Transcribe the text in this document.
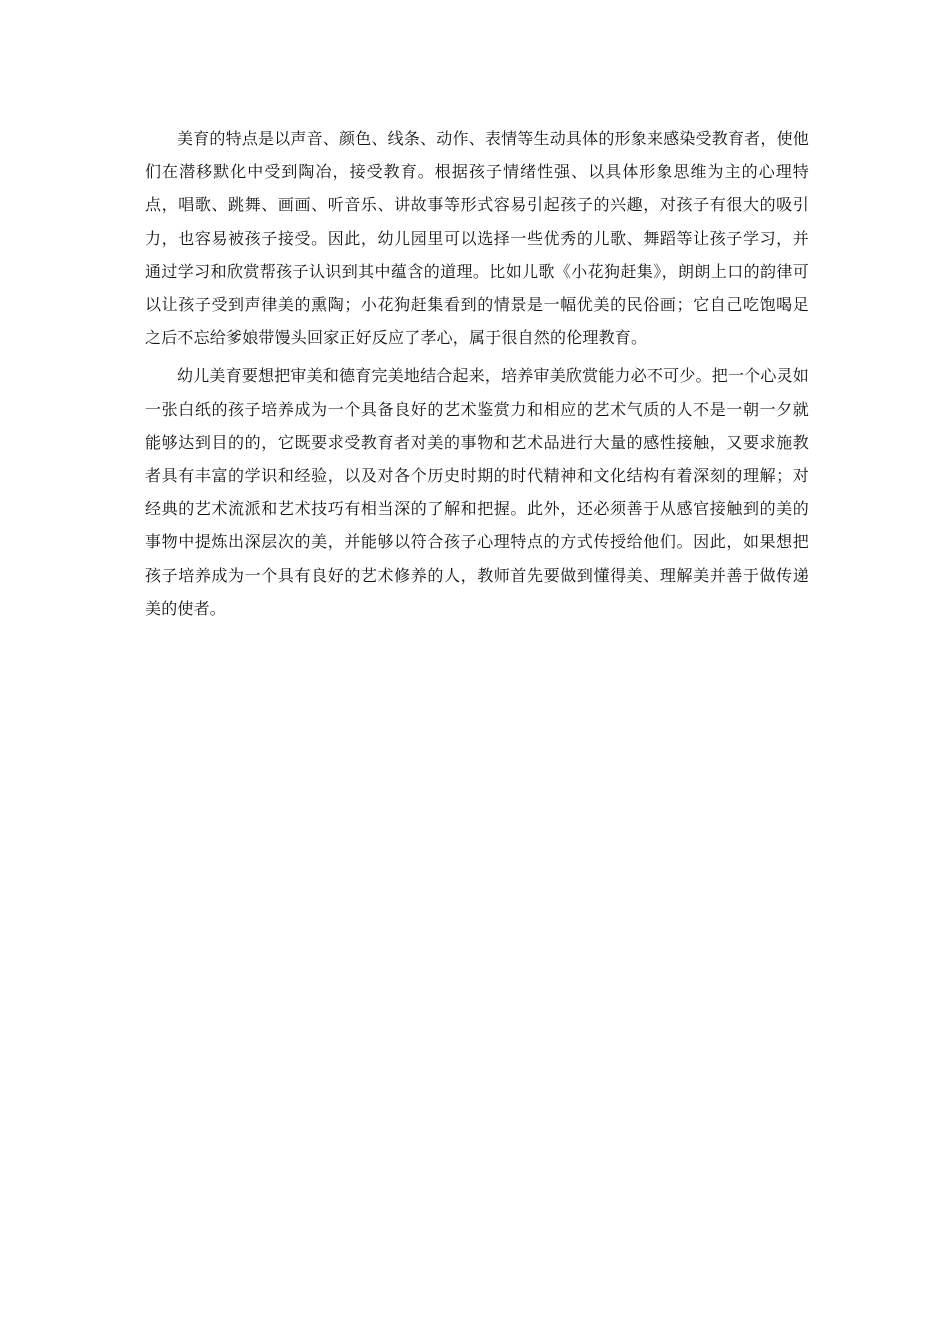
美育的特点是以声音、颜色、线条、动作、表情等生动具体的形象来感染受教育者，使他们在潜移默化中受到陶冶，接受教育。根据孩子情绪性强、以具体形象思维为主的心理特点，唱歌、跳舞、画画、听音乐、讲故事等形式容易引起孩子的兴趣，对孩子有很大的吸引力，也容易被孩子接受。因此，幼儿园里可以选择一些优秀的儿歌、舞蹈等让孩子学习，并通过学习和欣赏帮孩子认识到其中蕴含的道理。比如儿歌《小花狗赶集》，朗朗上口的韵律可以让孩子受到声律美的熏陶；小花狗赶集看到的情景是一幅优美的民俗画；它自己吃饱喝足之后不忘给爹娘带馒头回家正好反应了孝心，属于很自然的伦理教育。

幼儿美育要想把审美和德育完美地结合起来，培养审美欣赏能力必不可少。把一个心灵如一张白纸的孩子培养成为一个具备良好的艺术鉴赏力和相应的艺术气质的人不是一朝一夕就能够达到目的的，它既要求受教育者对美的事物和艺术品进行大量的感性接触，又要求施教者具有丰富的学识和经验，以及对各个历史时期的时代精神和文化结构有着深刻的理解；对经典的艺术流派和艺术技巧有相当深的了解和把握。此外，还必须善于从感官接触到的美的事物中提炼出深层次的美，并能够以符合孩子心理特点的方式传授给他们。因此，如果想把孩子培养成为一个具有良好的艺术修养的人，教师首先要做到懂得美、理解美并善于做传递美的使者。
